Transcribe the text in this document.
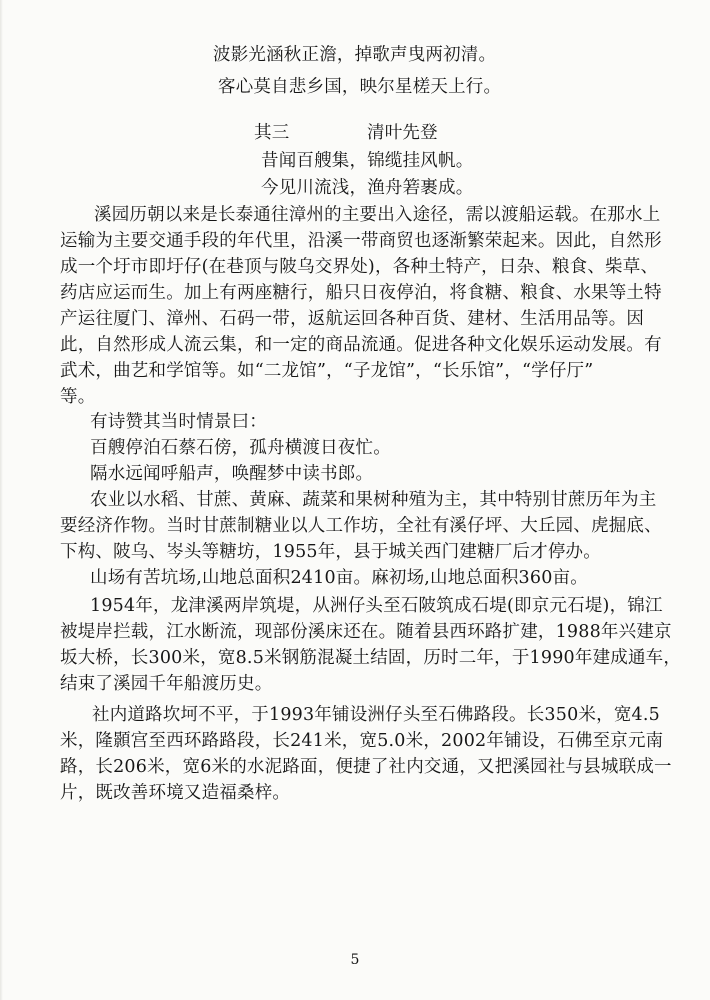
波影光涵秋正澹，掉歌声曳两初清。
客心莫自悲乡国，映尔星槎天上行。
其三	清叶先登
昔闻百艘集，锦缆挂风帆。
今见川流浅，渔舟箬裹成。
溪园历朝以来是长泰通往漳州的主要出入途径，需以渡船运载。在那水上
运输为主要交通手段的年代里，沿溪一带商贸也逐渐繁荣起来。因此，自然形
成一个圩市即圩仔(在巷顶与陂乌交界处)，各种土特产，日杂、粮食、柴草、
药店应运而生。加上有两座糖行，船只日夜停泊，将食糖、粮食、水果等土特
产运往厦门、漳州、石码一带，返航运回各种百货、建材、生活用品等。因
此，自然形成人流云集，和一定的商品流通。促进各种文化娱乐运动发展。有
武术，曲艺和学馆等。如“二龙馆”，“子龙馆”，“长乐馆”，“学仔厅”
等。
有诗赞其当时情景曰：
百艘停泊石蔡石傍，孤舟横渡日夜忙。
隔水远闻呼船声，唤醒梦中读书郎。
农业以水稻、甘蔗、黄麻、蔬菜和果树种殖为主，其中特别甘蔗历年为主
要经济作物。当时甘蔗制糖业以人工作坊，全社有溪仔坪、大丘园、虎掘底、
下构、陂乌、岑头等糖坊，1955年，县于城关西门建糖厂后才停办。
山场有苦坑场,山地总面积2410亩。麻初场,山地总面积360亩。
1954年，龙津溪两岸筑堤，从洲仔头至石陂筑成石堤(即京元石堤)，锦江
被堤岸拦载，江水断流，现部份溪床还在。随着县西环路扩建，1988年兴建京
坂大桥，长300米，宽8.5米钢筋混凝土结固，历时二年，于1990年建成通车，
结束了溪园千年船渡历史。
社内道路坎坷不平，于1993年铺设洲仔头至石佛路段。长350米，宽4.5
米，隆顥宫至西环路路段，长241米，宽5.0米，2002年铺设，石佛至京元南
路，长206米，宽6米的水泥路面，便捷了社内交通，又把溪园社与县城联成一
片，既改善环境又造福桑梓。
5
